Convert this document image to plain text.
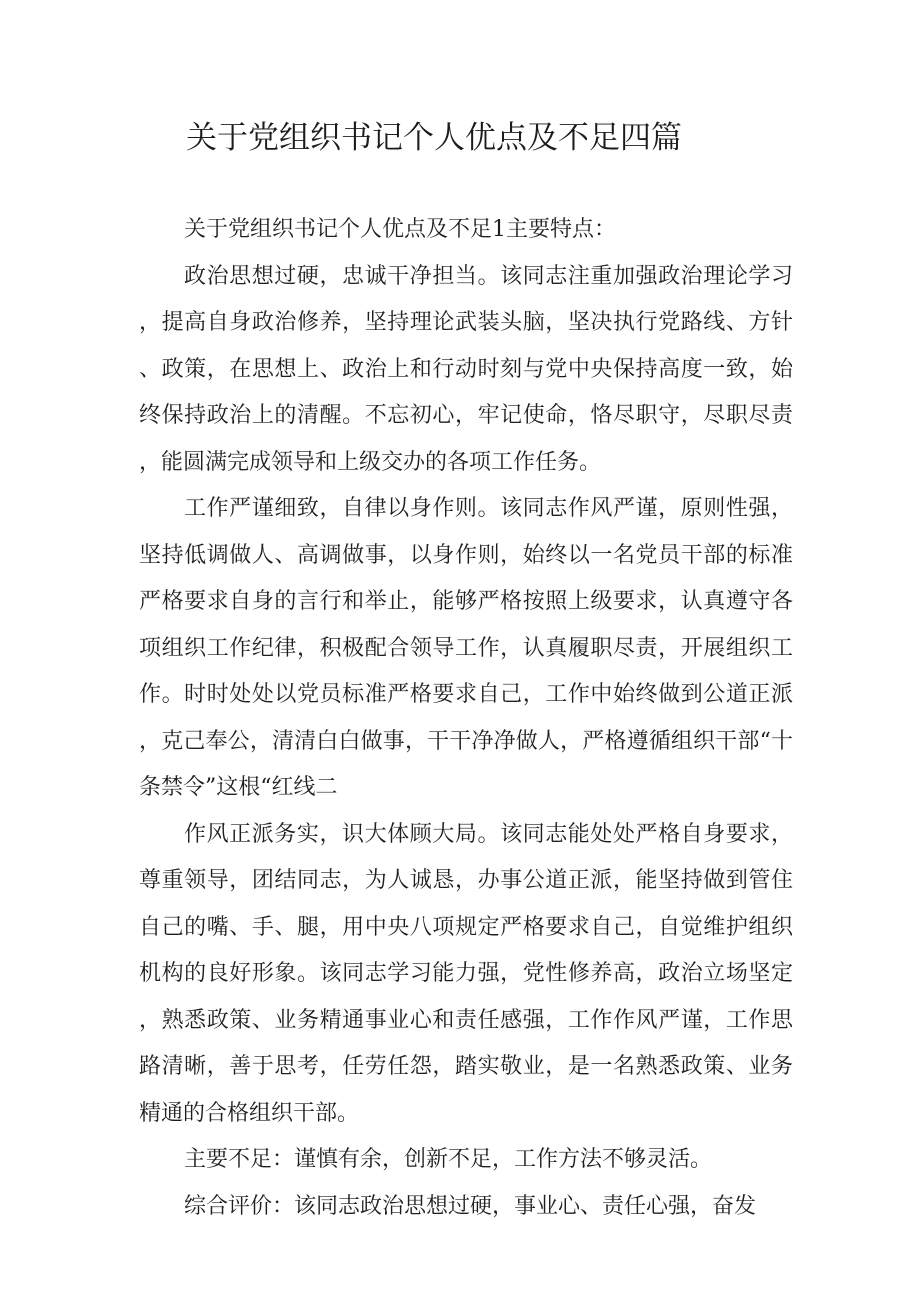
关于党组织书记个人优点及不足四篇

关于党组织书记个人优点及不足1主要特点：

政治思想过硬，忠诚干净担当。该同志注重加强政治理论学习，提高自身政治修养，坚持理论武装头脑，坚决执行党路线、方针、政策，在思想上、政治上和行动时刻与党中央保持高度一致，始终保持政治上的清醒。不忘初心，牢记使命，恪尽职守，尽职尽责，能圆满完成领导和上级交办的各项工作任务。

工作严谨细致，自律以身作则。该同志作风严谨，原则性强，坚持低调做人、高调做事，以身作则，始终以一名党员干部的标准严格要求自身的言行和举止，能够严格按照上级要求，认真遵守各项组织工作纪律，积极配合领导工作，认真履职尽责，开展组织工作。时时处处以党员标准严格要求自己，工作中始终做到公道正派，克己奉公，清清白白做事，干干净净做人，严格遵循组织干部“十条禁令”这根“红线二

作风正派务实，识大体顾大局。该同志能处处严格自身要求，尊重领导，团结同志，为人诚恳，办事公道正派，能坚持做到管住自己的嘴、手、腿，用中央八项规定严格要求自己，自觉维护组织机构的良好形象。该同志学习能力强，党性修养高，政治立场坚定，熟悉政策、业务精通事业心和责任感强，工作作风严谨，工作思路清晰，善于思考，任劳任怨，踏实敬业，是一名熟悉政策、业务精通的合格组织干部。

主要不足：谨慎有余，创新不足，工作方法不够灵活。

综合评价：该同志政治思想过硬，事业心、责任心强，奋发
